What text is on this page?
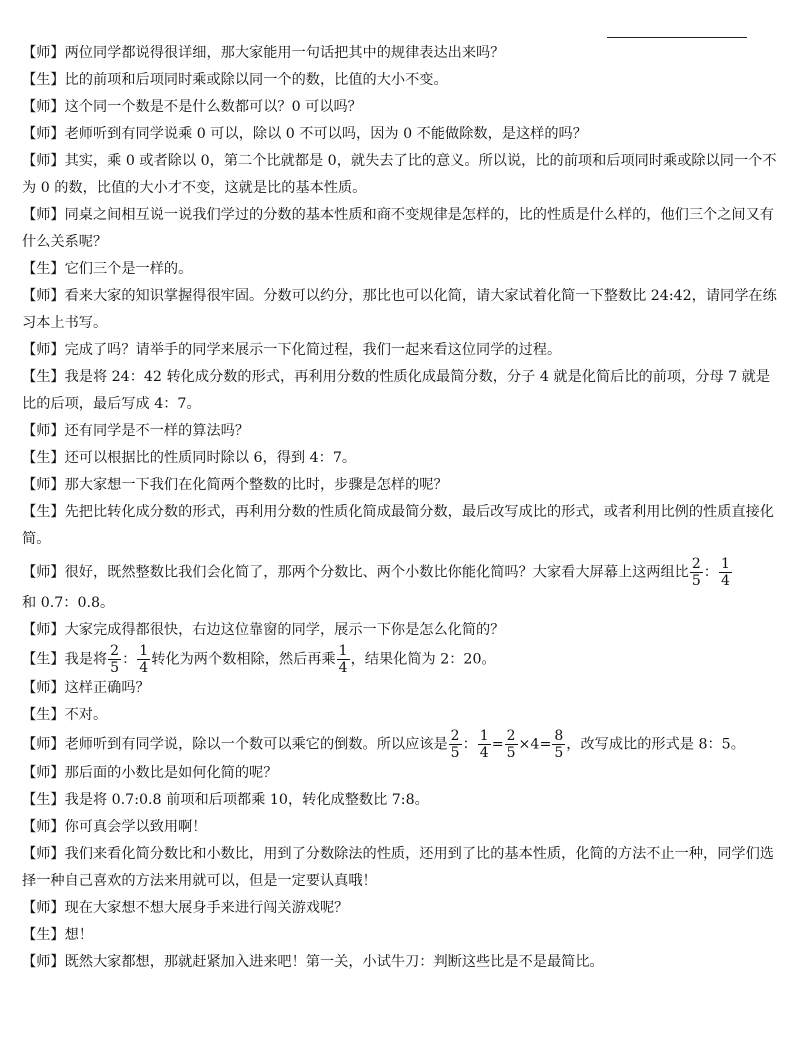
【师】两位同学都说得很详细，那大家能用一句话把其中的规律表达出来吗？

【生】比的前项和后项同时乘或除以同一个的数，比值的大小不变。

【师】这个同一个数是不是什么数都可以？0 可以吗？

【师】老师听到有同学说乘 0 可以，除以 0 不可以吗，因为 0 不能做除数，是这样的吗？

【师】其实，乘 0 或者除以 0，第二个比就都是 0，就失去了比的意义。所以说，比的前项和后项同时乘或除以同一个不为 0 的数，比值的大小才不变，这就是比的基本性质。

【师】同桌之间相互说一说我们学过的分数的基本性质和商不变规律是怎样的，比的性质是什么样的，他们三个之间又有什么关系呢？

【生】它们三个是一样的。

【师】看来大家的知识掌握得很牢固。分数可以约分，那比也可以化简，请大家试着化简一下整数比 24:42，请同学在练习本上书写。

【师】完成了吗？请举手的同学来展示一下化简过程，我们一起来看这位同学的过程。

【生】我是将 24：42 转化成分数的形式，再利用分数的性质化成最简分数，分子 4 就是化简后比的前项，分母 7 就是比的后项，最后写成 4：7。

【师】还有同学是不一样的算法吗？

【生】还可以根据比的性质同时除以 6，得到 4：7。

【师】那大家想一下我们在化简两个整数的比时，步骤是怎样的呢？

【生】先把比转化成分数的形式，再利用分数的性质化简成最简分数，最后改写成比的形式，或者利用比例的性质直接化简。

【师】很好，既然整数比我们会化简了，那两个分数比、两个小数比你能化简吗？大家看大屏幕上这两组比 $\frac{2}{5}$ ： $\frac{1}{4}$

和 0.7：0.8。

【师】大家完成得都很快，右边这位靠窗的同学，展示一下你是怎么化简的？

【生】我是将 $\frac{2}{5}$ ： $\frac{1}{4}$ 转化为两个数相除，然后再乘 $\frac{1}{4}$ ，结果化简为 2：20。

【师】这样正确吗？

【生】不对。

【师】老师听到有同学说，除以一个数可以乘它的倒数。所以应该是 $\frac{2}{5}$ ： $\frac{1}{4} = \frac{2}{5} \times 4= \frac{8}{5}$ ，改写成比的形式是 8：5。

【师】那后面的小数比是如何化简的呢？

【生】我是将 0.7:0.8 前项和后项都乘 10，转化成整数比 7:8。

【师】你可真会学以致用啊！

【师】我们来看化简分数比和小数比，用到了分数除法的性质，还用到了比的基本性质，化简的方法不止一种，同学们选择一种自己喜欢的方法来用就可以，但是一定要认真哦！

【师】现在大家想不想大展身手来进行闯关游戏呢？

【生】想！

【师】既然大家都想，那就赶紧加入进来吧！第一关，小试牛刀：判断这些比是不是最简比。
